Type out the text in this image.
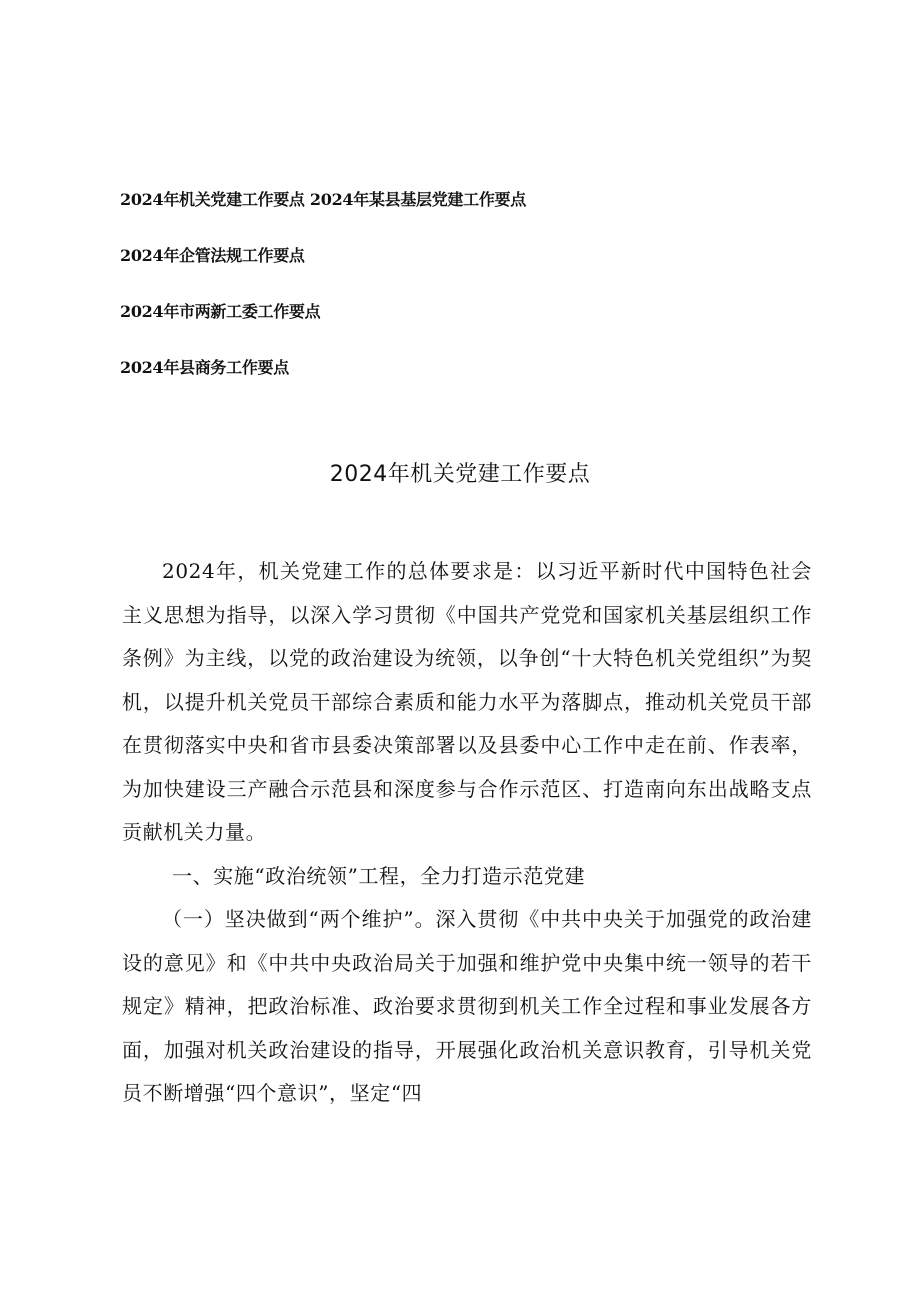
2024年机关党建工作要点 2024年某县基层党建工作要点
2024年企管法规工作要点
2024年市两新工委工作要点
2024年县商务工作要点
2024年机关党建工作要点

2024年，机关党建工作的总体要求是：以习近平新时代中国特色社会主义思想为指导，以深入学习贯彻《中国共产党党和国家机关基层组织工作条例》为主线，以党的政治建设为统领，以争创“十大特色机关党组织”为契机，以提升机关党员干部综合素质和能力水平为落脚点，推动机关党员干部在贯彻落实中央和省市县委决策部署以及县委中心工作中走在前、作表率，为加快建设三产融合示范县和深度参与合作示范区、打造南向东出战略支点贡献机关力量。

一、实施“政治统领”工程，全力打造示范党建

（一）坚决做到“两个维护”。深入贯彻《中共中央关于加强党的政治建设的意见》和《中共中央政治局关于加强和维护党中央集中统一领导的若干规定》精神，把政治标准、政治要求贯彻到机关工作全过程和事业发展各方面，加强对机关政治建设的指导，开展强化政治机关意识教育，引导机关党员不断增强“四个意识”，坚定“四
